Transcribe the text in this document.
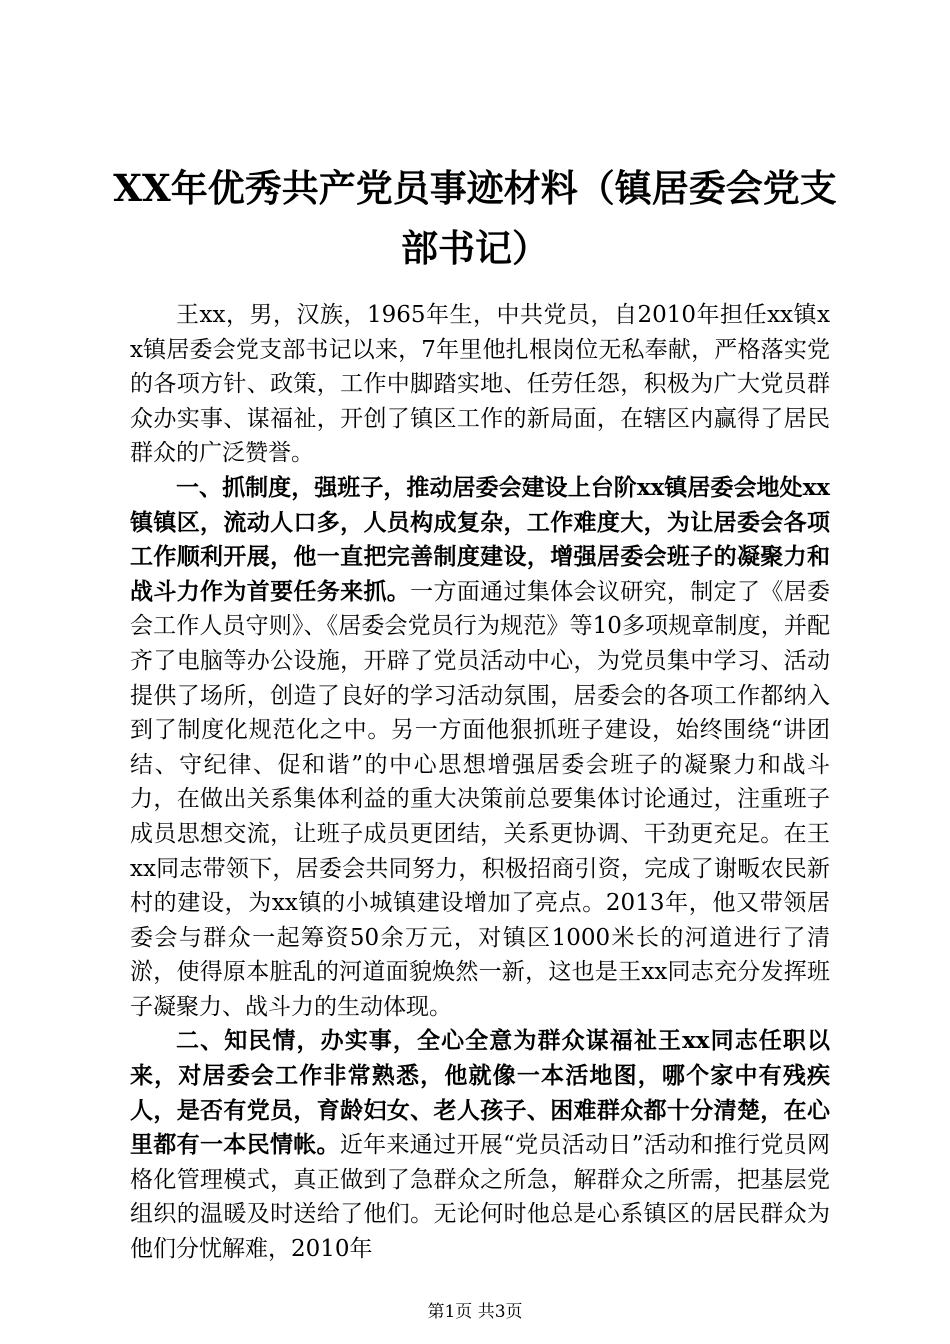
XX年优秀共产党员事迹材料（镇居委会党支部书记）

王xx，男，汉族，1965年生，中共党员，自2010年担任xx镇xx镇居委会党支部书记以来，7年里他扎根岗位无私奉献，严格落实党的各项方针、政策，工作中脚踏实地、任劳任怨，积极为广大党员群众办实事、谋福祉，开创了镇区工作的新局面，在辖区内赢得了居民群众的广泛赞誉。

一、抓制度，强班子，推动居委会建设上台阶xx镇居委会地处xx镇镇区，流动人口多，人员构成复杂，工作难度大，为让居委会各项工作顺利开展，他一直把完善制度建设，增强居委会班子的凝聚力和战斗力作为首要任务来抓。一方面通过集体会议研究，制定了《居委会工作人员守则》、《居委会党员行为规范》等10多项规章制度，并配齐了电脑等办公设施，开辟了党员活动中心，为党员集中学习、活动提供了场所，创造了良好的学习活动氛围，居委会的各项工作都纳入到了制度化规范化之中。另一方面他狠抓班子建设，始终围绕“讲团结、守纪律、促和谐”的中心思想增强居委会班子的凝聚力和战斗力，在做出关系集体利益的重大决策前总要集体讨论通过，注重班子成员思想交流，让班子成员更团结，关系更协调、干劲更充足。在王xx同志带领下，居委会共同努力，积极招商引资，完成了谢畈农民新村的建设，为xx镇的小城镇建设增加了亮点。2013年，他又带领居委会与群众一起筹资50余万元，对镇区1000米长的河道进行了清淤，使得原本脏乱的河道面貌焕然一新，这也是王xx同志充分发挥班子凝聚力、战斗力的生动体现。

二、知民情，办实事，全心全意为群众谋福祉王xx同志任职以来，对居委会工作非常熟悉，他就像一本活地图，哪个家中有残疾人，是否有党员，育龄妇女、老人孩子、困难群众都十分清楚，在心里都有一本民情帐。近年来通过开展“党员活动日”活动和推行党员网格化管理模式，真正做到了急群众之所急，解群众之所需，把基层党组织的温暖及时送给了他们。无论何时他总是心系镇区的居民群众为他们分忧解难，2010年

第1页 共3页
